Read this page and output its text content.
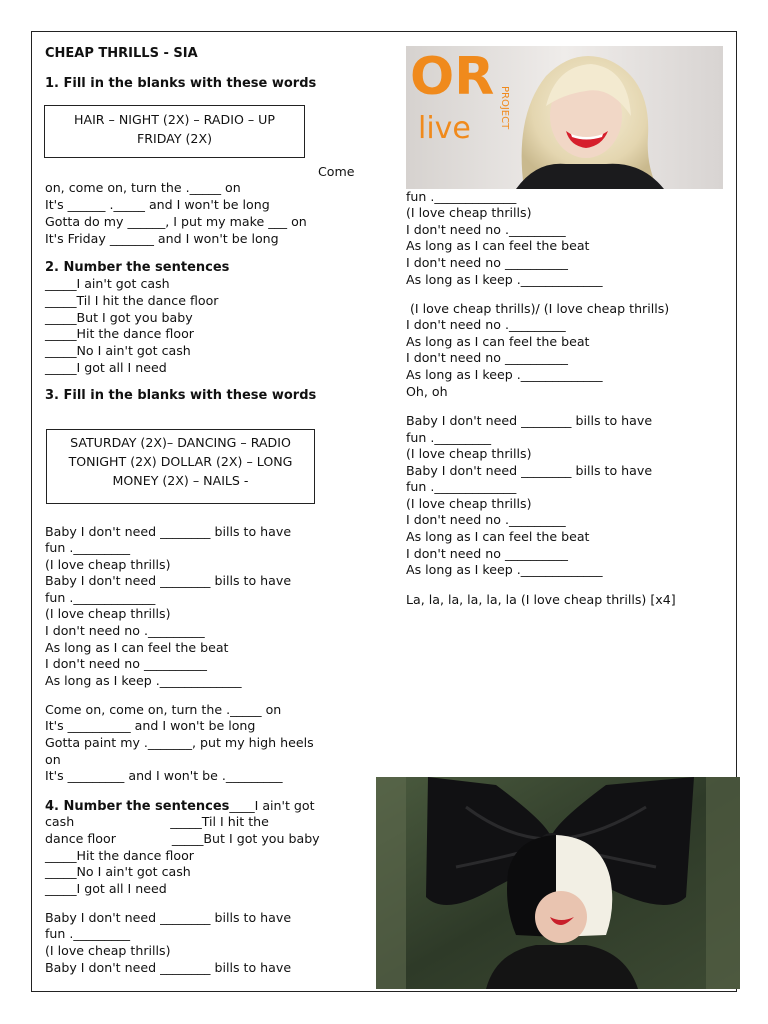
CHEAP THRILLS - SIA
1. Fill in the blanks with these words
HAIR – NIGHT (2X) – RADIO – UP
FRIDAY (2X)
Come
on, come on, turn the ._____ on
It's ______ ._____ and I won't be long
Gotta do my ______, I put my make ___ on
It's Friday _______ and I won't be long
2. Number the sentences
_____I ain't got cash
_____Til I hit the dance floor
_____But I got you baby
_____Hit the dance floor
_____No I ain't got cash
_____I got all I need
3. Fill in the blanks with these words
SATURDAY (2X)– DANCING – RADIO
TONIGHT (2X) DOLLAR (2X) – LONG
MONEY (2X) – NAILS -
Baby I don't need ________ bills to have
fun ._________
(I love cheap thrills)
Baby I don't need ________ bills to have
fun ._____________
(I love cheap thrills)
I don't need no ._________
As long as I can feel the beat
I don't need no __________
As long as I keep ._____________
Come on, come on, turn the ._____ on
It's __________ and I won't be long
Gotta paint my ._______, put my high heels
on
It's _________ and I won't be ._________
4. Number the sentences____I ain't got
cash                        _____Til I hit the
dance floor              _____But I got you baby
_____Hit the dance floor
_____No I ain't got cash
_____I got all I need
Baby I don't need ________ bills to have
fun ._________
(I love cheap thrills)
Baby I don't need ________ bills to have
OR
live	PROJECT
fun ._____________
(I love cheap thrills)
I don't need no ._________
As long as I can feel the beat
I don't need no __________
As long as I keep ._____________
(I love cheap thrills)/ (I love cheap thrills)
I don't need no ._________
As long as I can feel the beat
I don't need no __________
As long as I keep ._____________
Oh, oh
Baby I don't need ________ bills to have
fun ._________
(I love cheap thrills)
Baby I don't need ________ bills to have
fun ._____________
(I love cheap thrills)
I don't need no ._________
As long as I can feel the beat
I don't need no __________
As long as I keep ._____________
La, la, la, la, la, la (I love cheap thrills) [x4]
